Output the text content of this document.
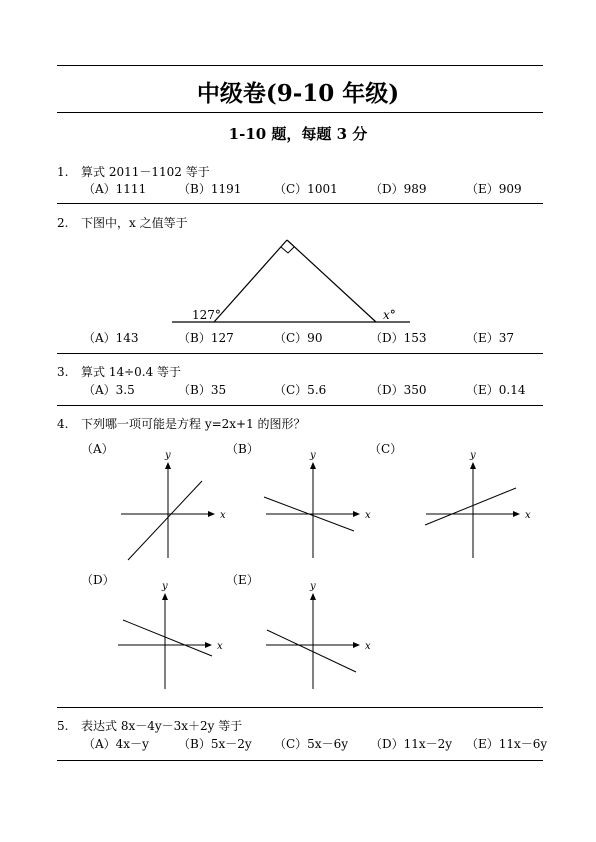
中级卷(9-10 年级)
1-10 题，每题 3 分
1. 算式 2011－1102 等于
（A）1111	（B）1191	（C）1001	（D）989	（E）909
2. 下图中，x 之值等于
127°	x°
（A）143	（B）127	（C）90	（D）153	（E）37
3. 算式 14÷0.4 等于
（A）3.5	（B）35	（C）5.6	（D）350	（E）0.14
4. 下列哪一项可能是方程 y=2x+1 的图形？
（A）	（B）	（C）
（D）	（E）
x
y
x
y
x
y
x
y
x
y
5. 表达式 8x－4y－3x＋2y 等于
（A）4x－y （B）5x－2y （C）5x－6y （D）11x－2y （E）11x－6y
